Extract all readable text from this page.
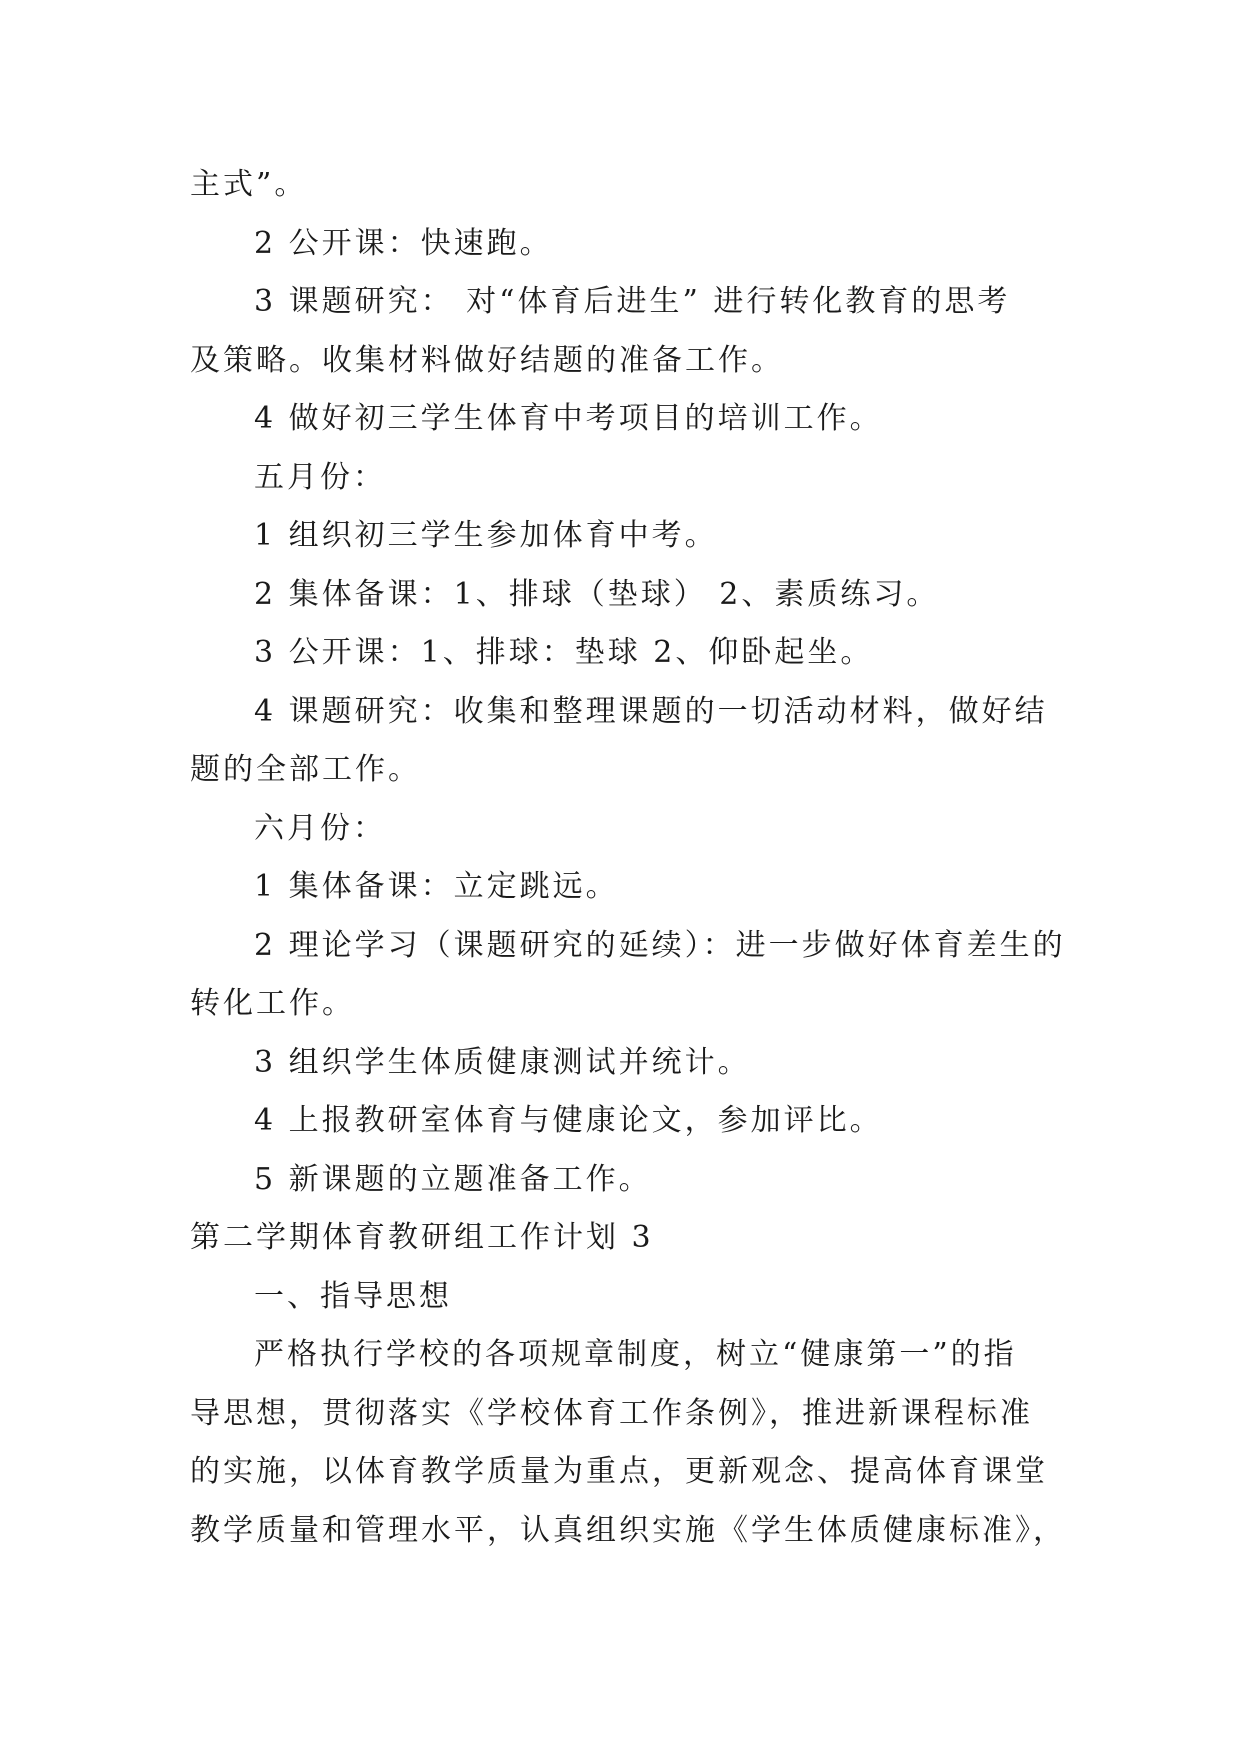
主式”。

2 公开课：快速跑。

3 课题研究： 对“体育后进生” 进行转化教育的思考

及策略。收集材料做好结题的准备工作。

4 做好初三学生体育中考项目的培训工作。

五月份：

1 组织初三学生参加体育中考。

2 集体备课：1、排球（垫球） 2、素质练习。

3 公开课：1、排球：垫球 2、仰卧起坐。

4 课题研究：收集和整理课题的一切活动材料，做好结

题的全部工作。

六月份：

1 集体备课：立定跳远。

2 理论学习（课题研究的延续）：进一步做好体育差生的

转化工作。

3 组织学生体质健康测试并统计。

4 上报教研室体育与健康论文，参加评比。

5 新课题的立题准备工作。

第二学期体育教研组工作计划 3

一、指导思想

严格执行学校的各项规章制度，树立“健康第一”的指

导思想，贯彻落实《学校体育工作条例》，推进新课程标准

的实施，以体育教学质量为重点，更新观念、提高体育课堂

教学质量和管理水平，认真组织实施《学生体质健康标准》，
